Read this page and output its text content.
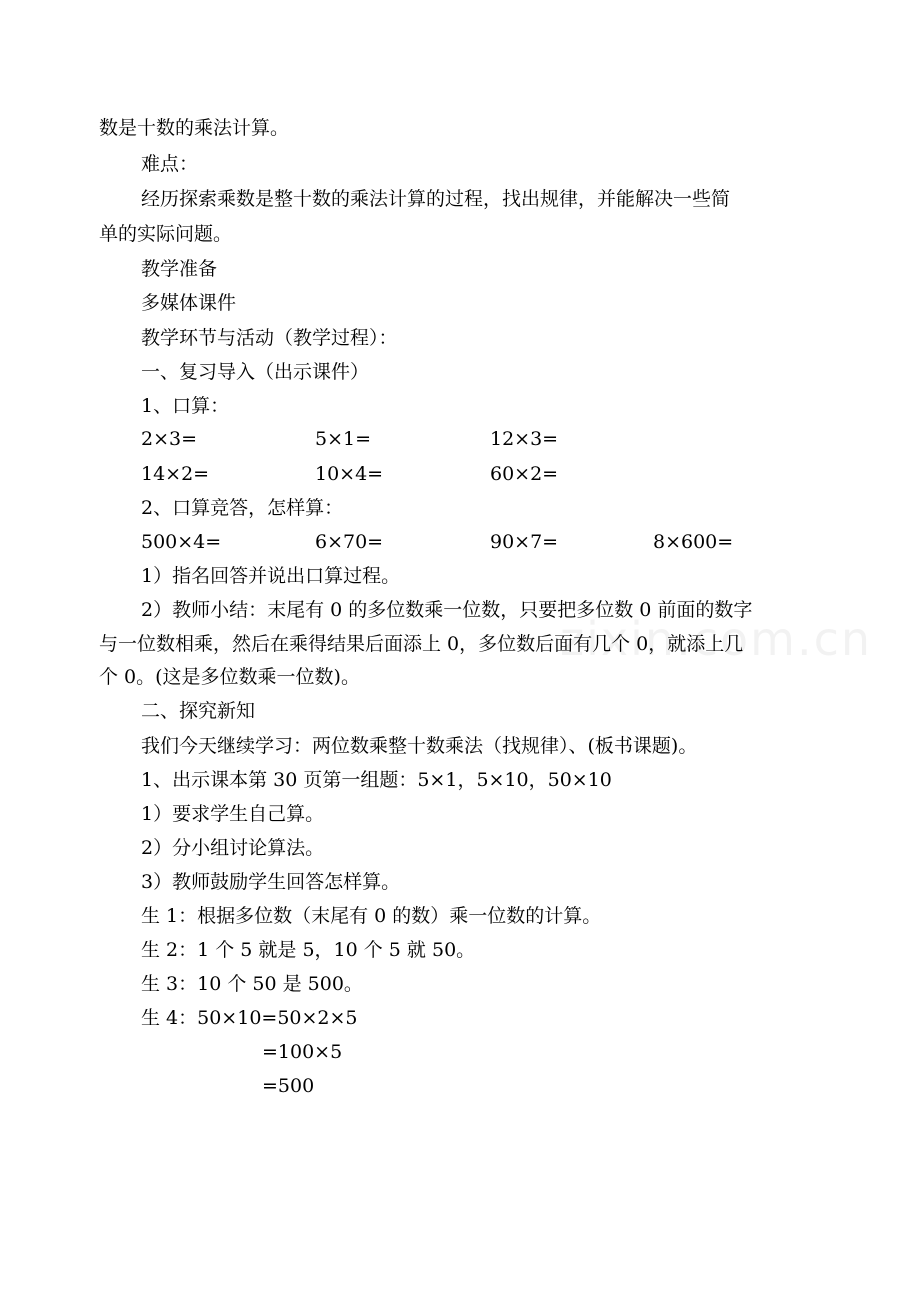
zixin.com.cn
数是十数的乘法计算。
难点：
经历探索乘数是整十数的乘法计算的过程，找出规律，并能解决一些简
单的实际问题。
教学准备
多媒体课件
教学环节与活动（教学过程）：
一、复习导入（出示课件）
1、口算：
2×3=	5×1=	12×3=
14×2=	10×4=	60×2=
2、口算竞答，怎样算：
500×4=	6×70=	90×7=	8×600=
1）指名回答并说出口算过程。
2）教师小结：末尾有 0 的多位数乘一位数，只要把多位数 0 前面的数字
与一位数相乘，然后在乘得结果后面添上 0，多位数后面有几个 0，就添上几
个 0。(这是多位数乘一位数)。
二、探究新知
我们今天继续学习：两位数乘整十数乘法（找规律）、(板书课题)。
1、出示课本第 30 页第一组题：5×1，5×10，50×10
1）要求学生自己算。
2）分小组讨论算法。
3）教师鼓励学生回答怎样算。
生 1：根据多位数（末尾有 0 的数）乘一位数的计算。
生 2：1 个 5 就是 5，10 个 5 就 50。
生 3：10 个 50 是 500。
生 4：50×10=50×2×5
=100×5
=500
